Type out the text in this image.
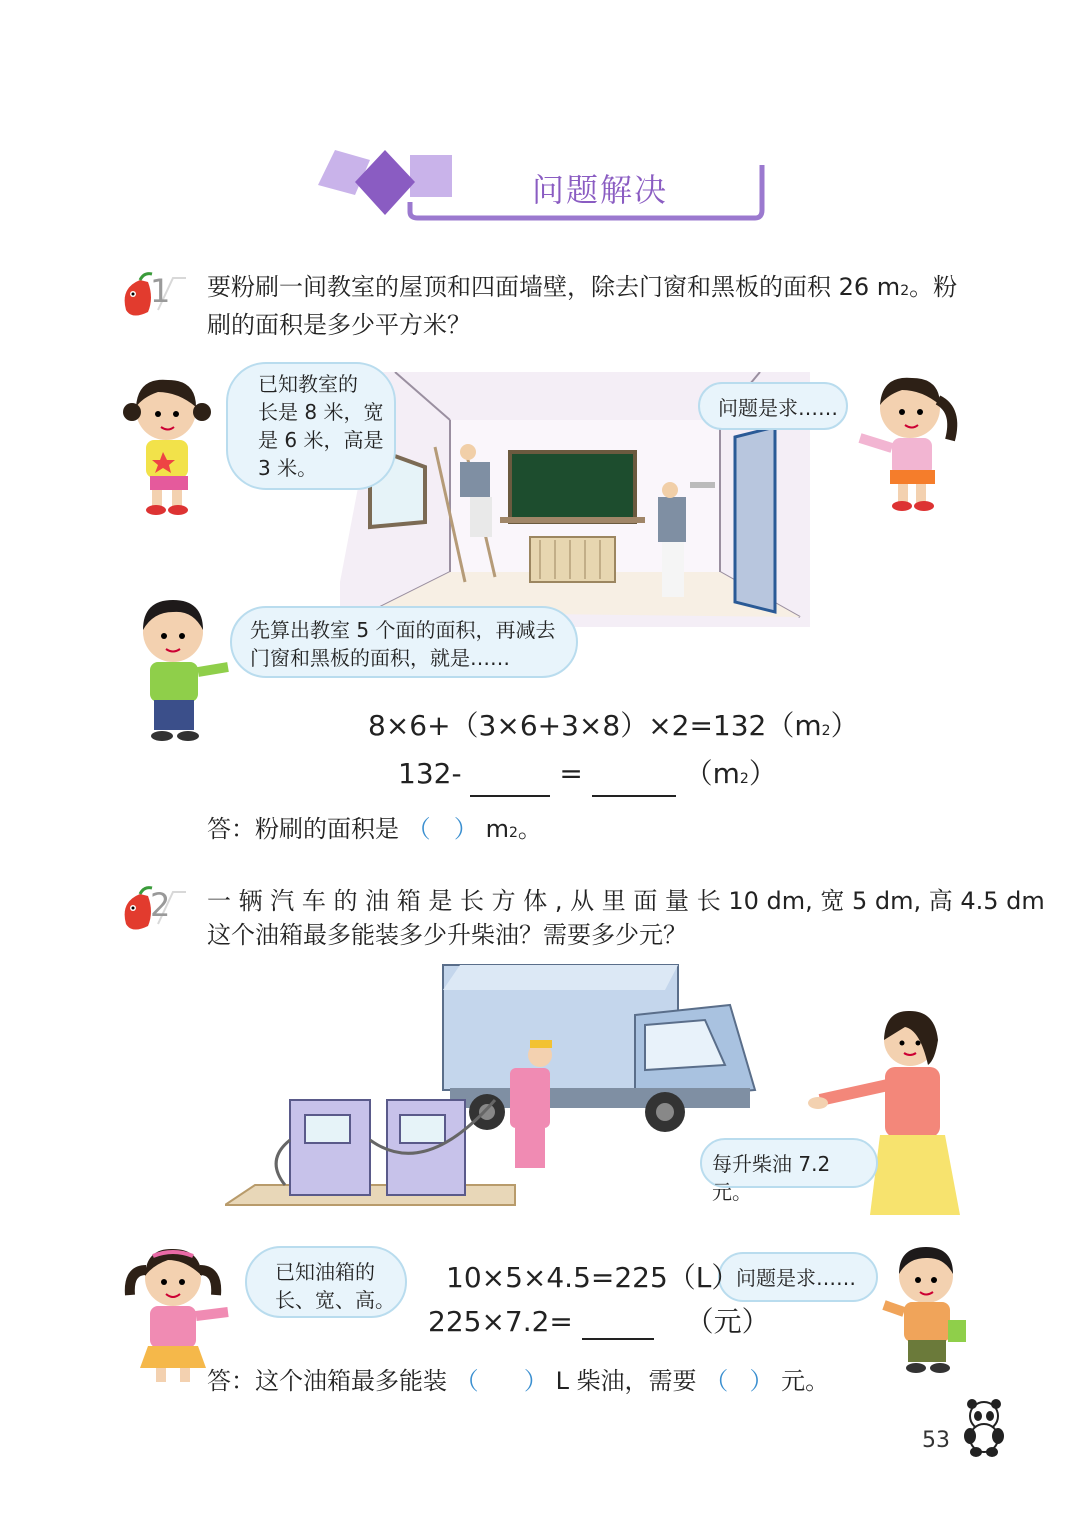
问题解决
1 要粉刷一间教室的屋顶和四面墙壁，除去门窗和黑板的面积 26 m2。粉
刷的面积是多少平方米？
已知教室的
长是 8 米，宽
是 6 米，高是
3 米。
问题是求……
先算出教室 5 个面的面积，再减去
门窗和黑板的面积，就是……
8×6+（3×6+3×8）×2=132（m2）
132-	=	（m2）
答：粉刷的面积是 （ ） m2。
2 一 辆 汽 车 的 油 箱 是 长 方 体 , 从 里 面 量 长 10 dm, 宽 5 dm, 高 4.5 dm
这个油箱最多能装多少升柴油？需要多少元？
每升柴油 7.2 元。
已知油箱的
长、宽、高。
问题是求……
10×5×4.5=225（L）
225×7.2=	（元）
答：这个油箱最多能装 （ ） L 柴油，需要 （ ） 元。
53
